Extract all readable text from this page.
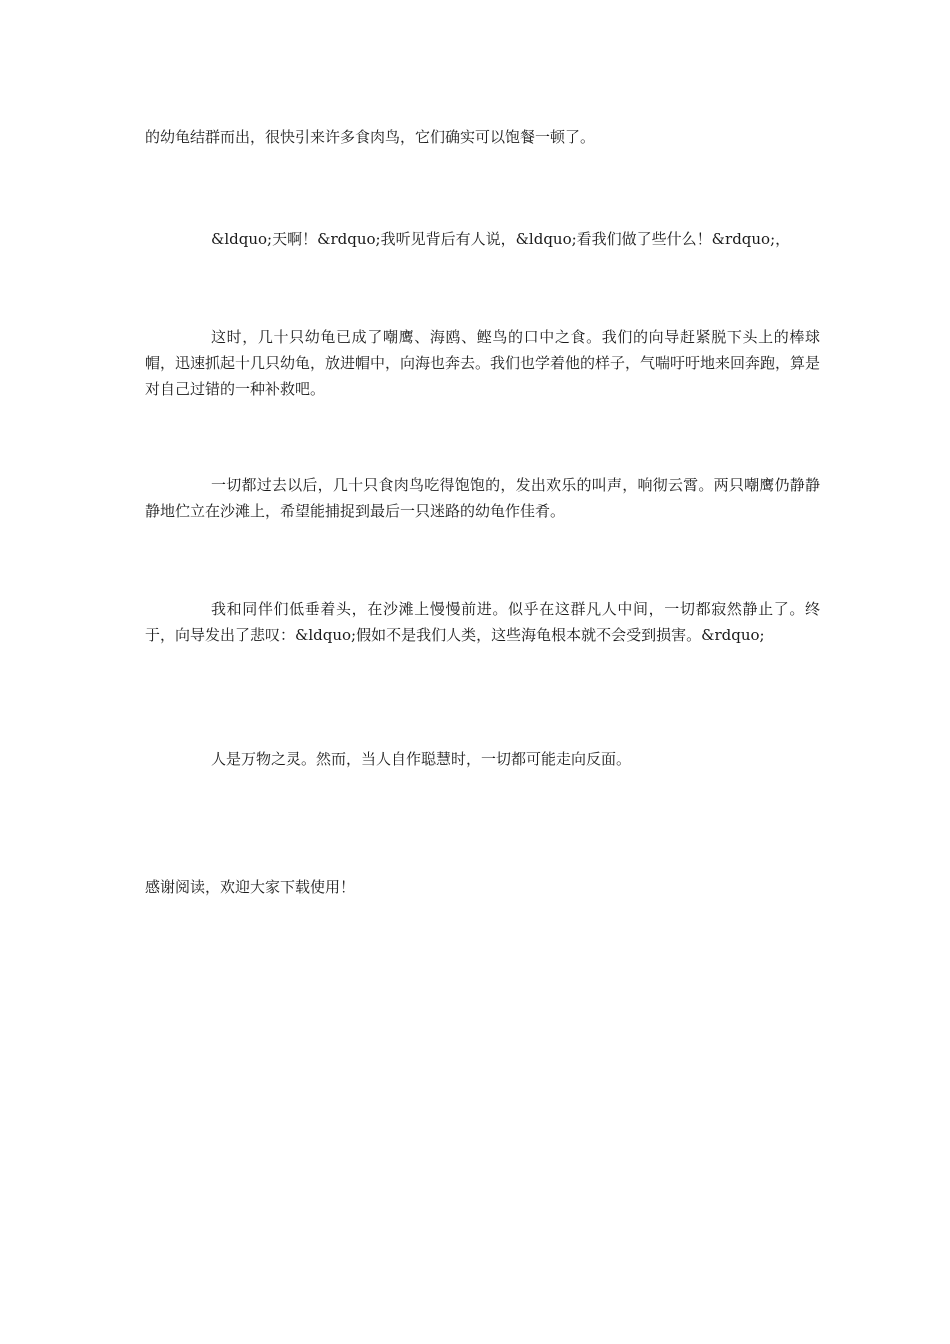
的幼龟结群而出，很快引来许多食肉鸟，它们确实可以饱餐一顿了。

&ldquo;天啊！&rdquo;我听见背后有人说，&ldquo;看我们做了些什么！&rdquo;，

这时，几十只幼龟已成了嘲鹰、海鸥、鲣鸟的口中之食。我们的向导赶紧脱下头上的棒球帽，迅速抓起十几只幼龟，放进帽中，向海也奔去。我们也学着他的样子，气喘吁吁地来回奔跑，算是对自己过错的一种补救吧。

一切都过去以后，几十只食肉鸟吃得饱饱的，发出欢乐的叫声，响彻云霄。两只嘲鹰仍静静静地伫立在沙滩上，希望能捕捉到最后一只迷路的幼龟作佳肴。

我和同伴们低垂着头，在沙滩上慢慢前进。似乎在这群凡人中间，一切都寂然静止了。终于，向导发出了悲叹：&ldquo;假如不是我们人类，这些海龟根本就不会受到损害。&rdquo;

人是万物之灵。然而，当人自作聪慧时，一切都可能走向反面。

感谢阅读，欢迎大家下载使用！
